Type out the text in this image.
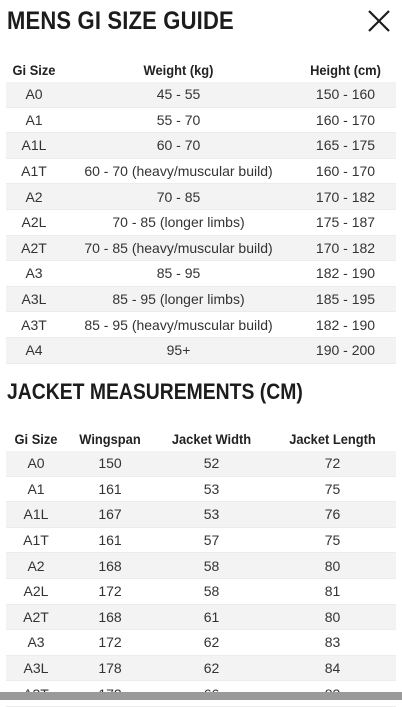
MENS GI SIZE GUIDE
Gi Size	Weight (kg)	Height (cm)
A0	45 - 55	150 - 160
A1	55 - 70	160 - 170
A1L	60 - 70	165 - 175
A1T	60 - 70 (heavy/muscular build)	160 - 170
A2	70 - 85	170 - 182
A2L	70 - 85 (longer limbs)	175 - 187
A2T	70 - 85 (heavy/muscular build)	170 - 182
A3	85 - 95	182 - 190
A3L	85 - 95 (longer limbs)	185 - 195
A3T	85 - 95 (heavy/muscular build)	182 - 190
A4	95+	190 - 200
JACKET MEASUREMENTS (CM)
Gi Size	Wingspan	Jacket Width	Jacket Length
A0	150	52	72
A1	161	53	75
A1L	167	53	76
A1T	161	57	75
A2	168	58	80
A2L	172	58	81
A2T	168	61	80
A3	172	62	83
A3L	178	62	84
